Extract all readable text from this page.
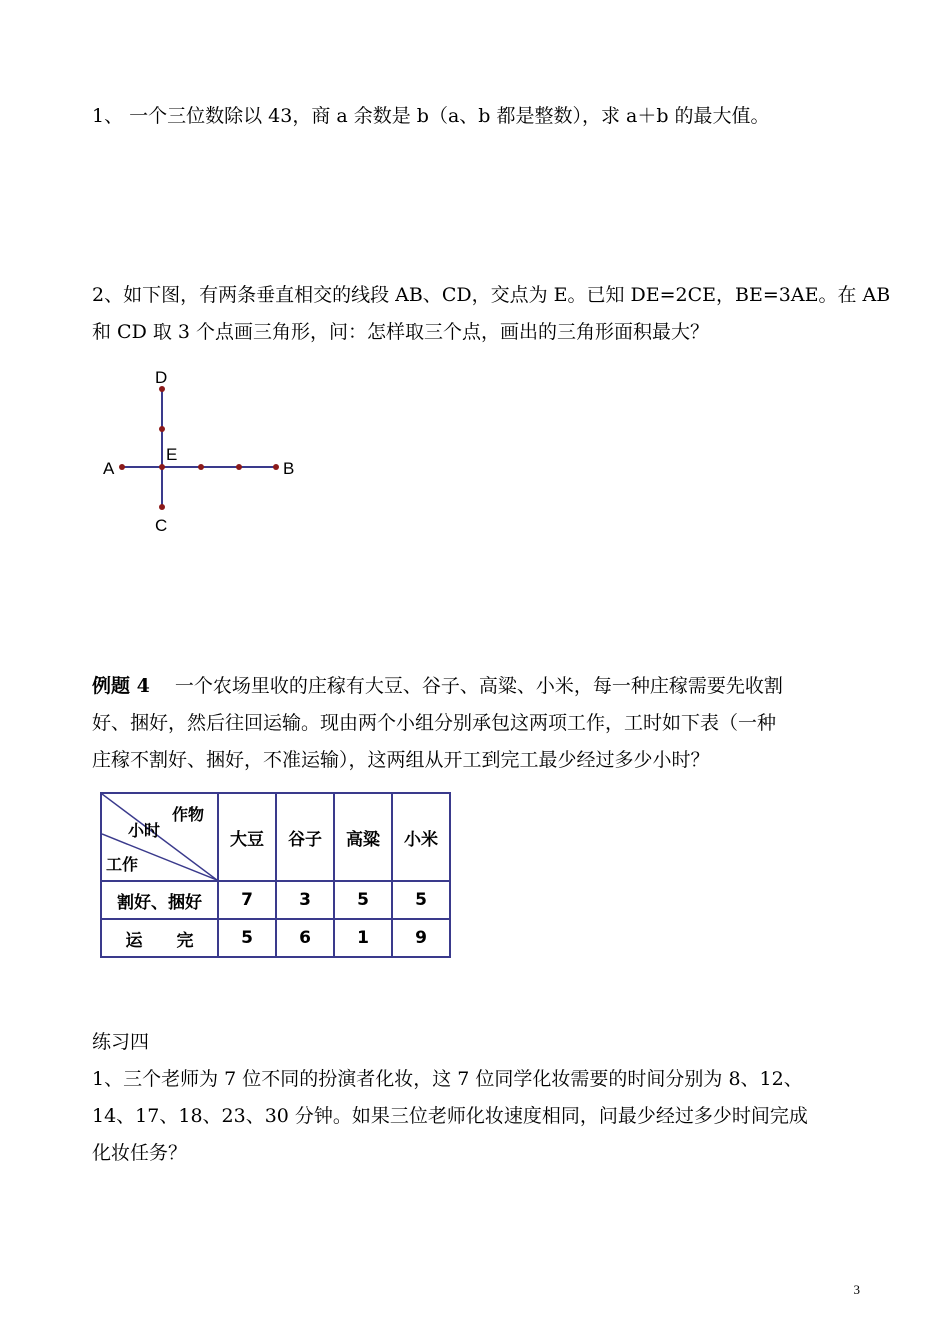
1、 一个三位数除以 43，商 a 余数是 b（a、b 都是整数），求 a＋b 的最大值。
2、如下图，有两条垂直相交的线段 AB、CD，交点为 E。已知 DE=2CE，BE=3AE。在 AB
和 CD 取 3 个点画三角形，问：怎样取三个点，画出的三角形面积最大？
A	B
C
D
E
例题 4　 一个农场里收的庄稼有大豆、谷子、高粱、小米，每一种庄稼需要先收割
好、捆好，然后往回运输。现由两个小组分别承包这两项工作，工时如下表（一种
庄稼不割好、捆好，不准运输），这两组从开工到完工最少经过多少小时？
作物
小时
工作	大豆	谷子	高粱	小米
割好、捆好	7	3	5	5
运　　完	5	6	1	9
练习四
1、三个老师为 7 位不同的扮演者化妆，这 7 位同学化妆需要的时间分别为 8、12、
14、17、18、23、30 分钟。如果三位老师化妆速度相同，问最少经过多少时间完成
化妆任务？
3
